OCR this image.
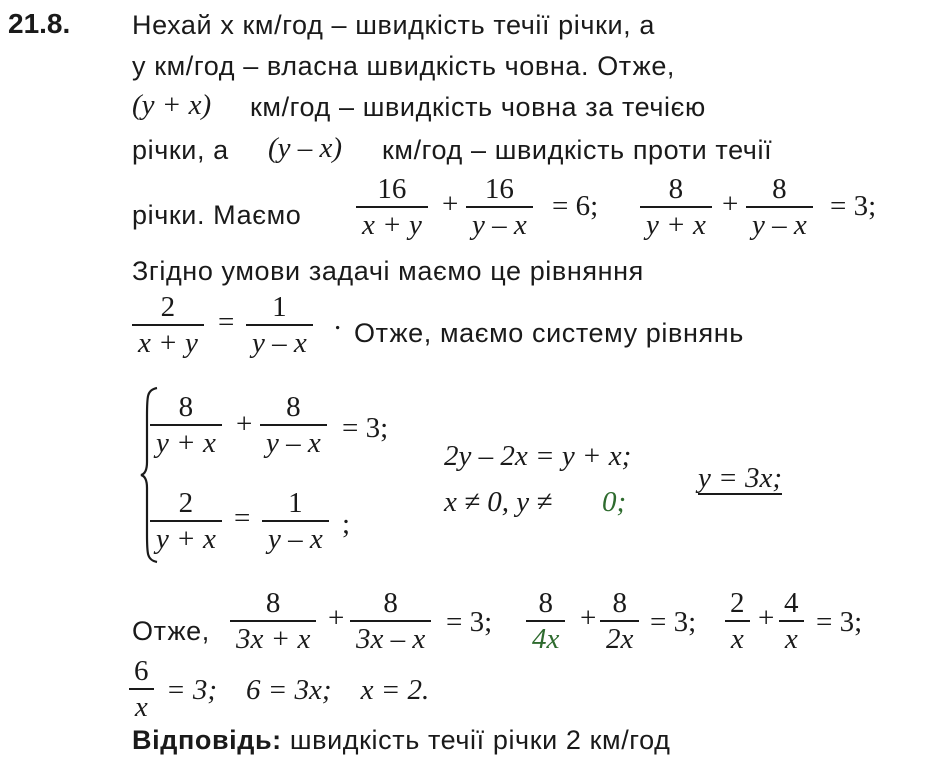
21.8. Нехай x км/год – швидкість течії річки, а
y км/год – власна швидкість човна. Отже,
(y + x) км/год – швидкість човна за течією
річки, а (y – x) км/год – швидкість проти течії
річки. Маємо $\frac{16}{x + y} + \frac{16}{y - x} = 6$; $\frac{8}{y + x} + \frac{8}{y - x} = 3$;
Згідно умови задачі маємо це рівняння
$\frac{2}{x + y} = \frac{1}{y - x}$ . Отже, маємо систему рівнянь
$\frac{8}{y + x} + \frac{8}{y - x} = 3$;
$\frac{2}{y + x} = \frac{1}{y - x}$ ;
2y – 2x = y + x;
x ≠ 0, y ≠ 0;
y = 3x;
Отже, $\frac{8}{3x + x} + \frac{8}{3x - x} = 3$; $\frac{8}{4x} + \frac{8}{2x} = 3$; $\frac{2}{x} + \frac{4}{x} = 3$;
$\frac{6}{x} = 3$;    6 = 3x;    x = 2.
Відповідь: швидкість течії річки 2 км/год
